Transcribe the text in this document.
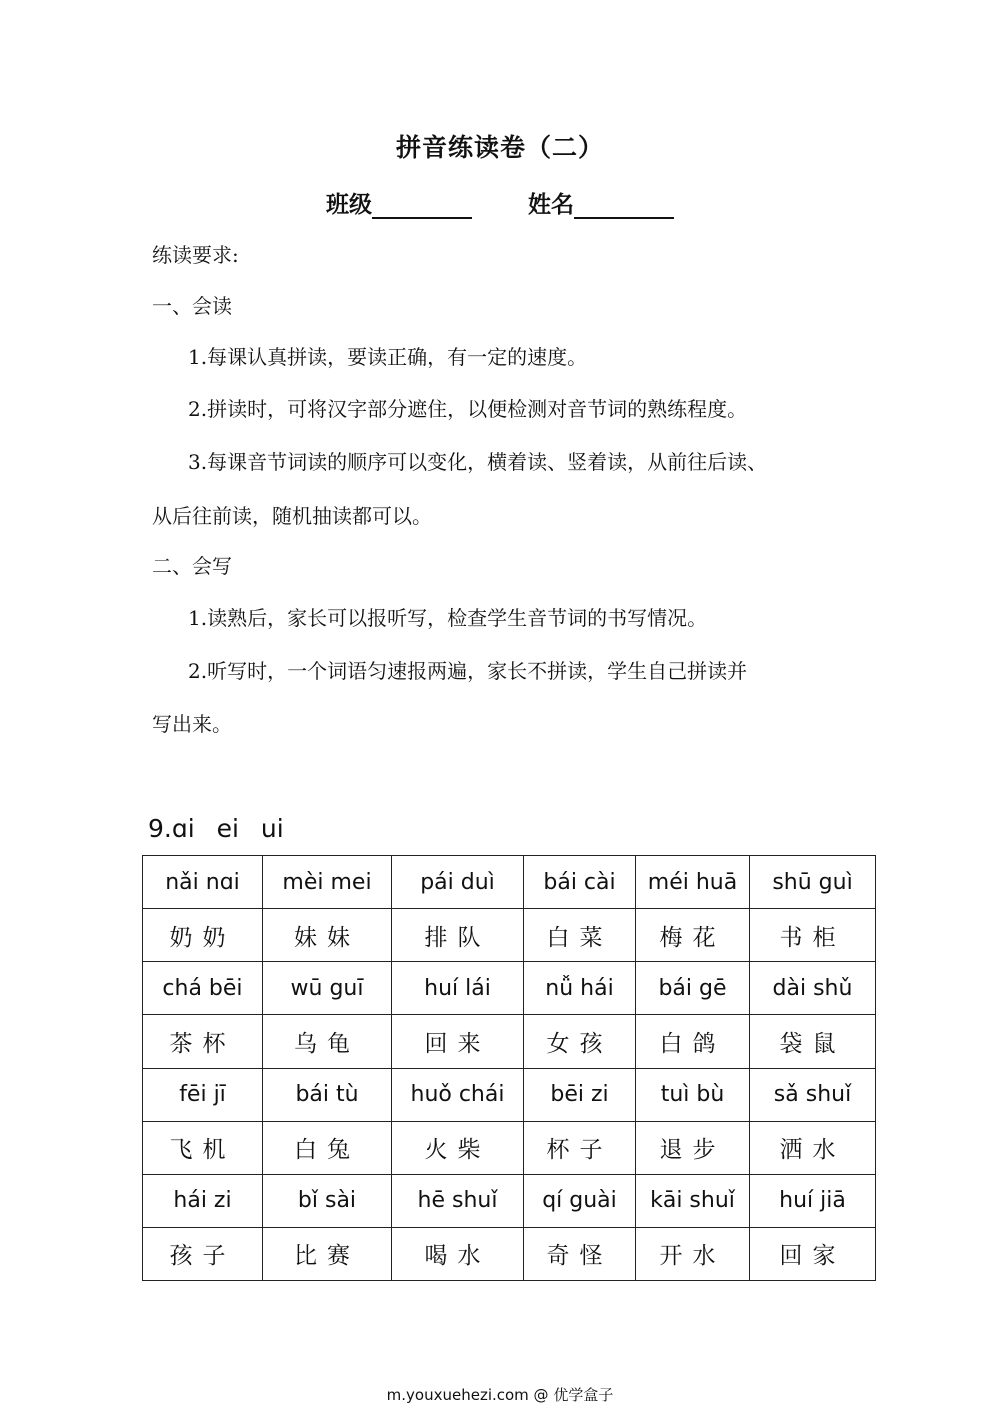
拼音练读卷（二）
班级	姓名
练读要求:
一、会读
1.每课认真拼读，要读正确，有一定的速度。
2.拼读时，可将汉字部分遮住，以便检测对音节词的熟练程度。
3.每课音节词读的顺序可以变化，横着读、竖着读，从前往后读、
从后往前读，随机抽读都可以。
二、会写
1.读熟后，家长可以报听写，检查学生音节词的书写情况。
2.听写时，一个词语匀速报两遍，家长不拼读，学生自己拼读并
写出来。
9.ɑi ei ui
nǎi nɑi	mèi mei	pái duì	bái cài	méi huā	shū guì
奶奶	妹妹	排队	白菜	梅花	书柜
chá bēi	wū guī	huí lái	nǚ hái	bái gē	dài shǔ
茶杯	乌龟	回来	女孩	白鸽	袋鼠
fēi jī	bái tù	huǒ chái	bēi zi	tuì bù	sǎ shuǐ
飞机	白兔	火柴	杯子	退步	洒水
hái zi	bǐ sài	hē shuǐ	qí guài	kāi shuǐ	huí jiā
孩子	比赛	喝水	奇怪	开水	回家
m.youxuehezi.com @ 优学盒子
